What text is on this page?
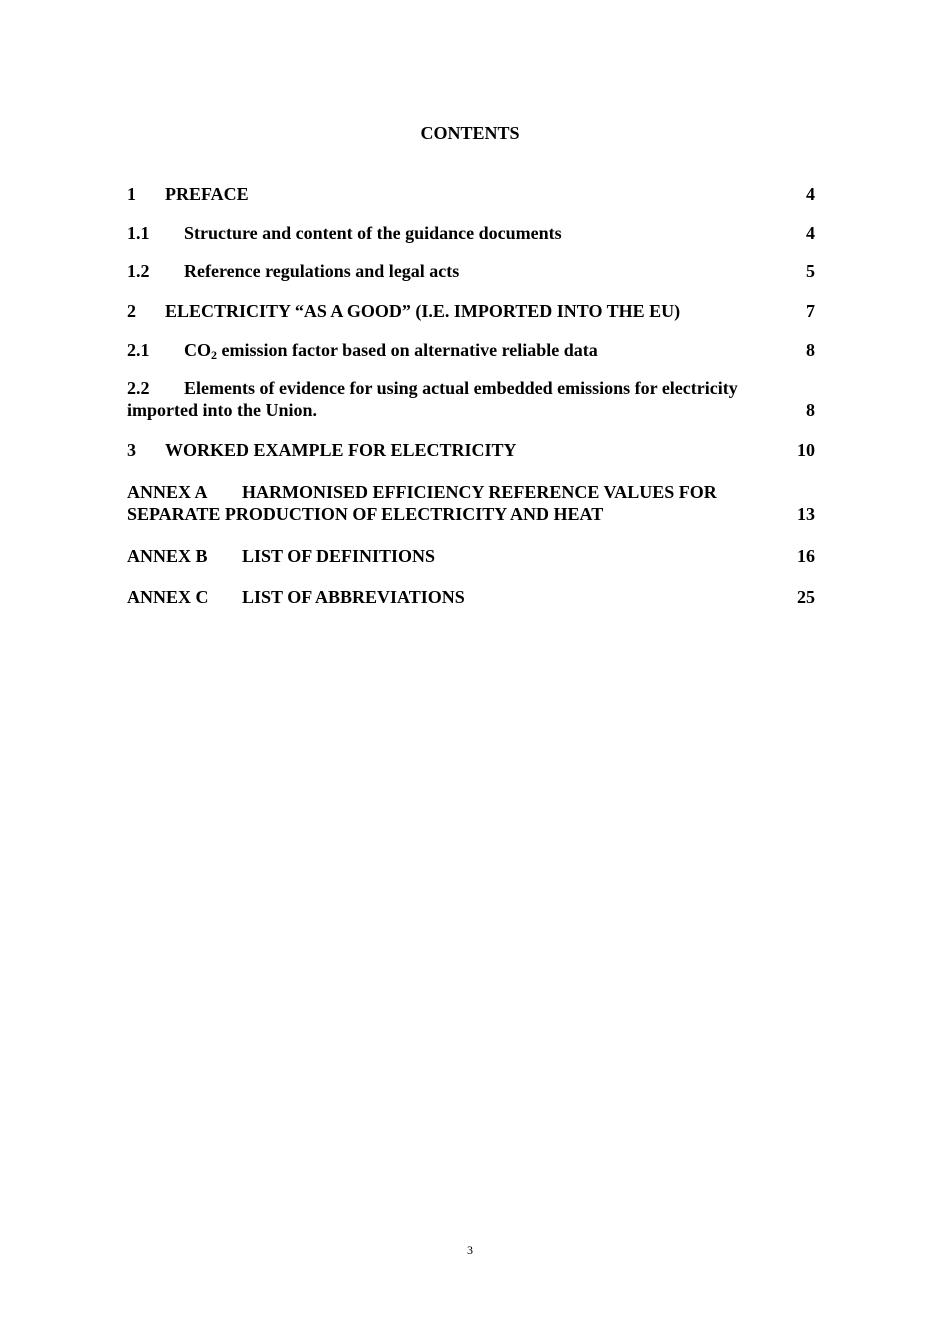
CONTENTS
1 PREFACE	4
1.1 Structure and content of the guidance documents	4
1.2 Reference regulations and legal acts	5
2 ELECTRICITY “AS A GOOD” (I.E. IMPORTED INTO THE EU)	7
2.1 $CO_2$ emission factor based on alternative reliable data	8
2.2 Elements of evidence for using actual embedded emissions for electricity
imported into the Union.	8
3 WORKED EXAMPLE FOR ELECTRICITY	10
ANNEX A HARMONISED EFFICIENCY REFERENCE VALUES FOR
SEPARATE PRODUCTION OF ELECTRICITY AND HEAT	13
ANNEX B LIST OF DEFINITIONS	16
ANNEX C LIST OF ABBREVIATIONS	25
3
